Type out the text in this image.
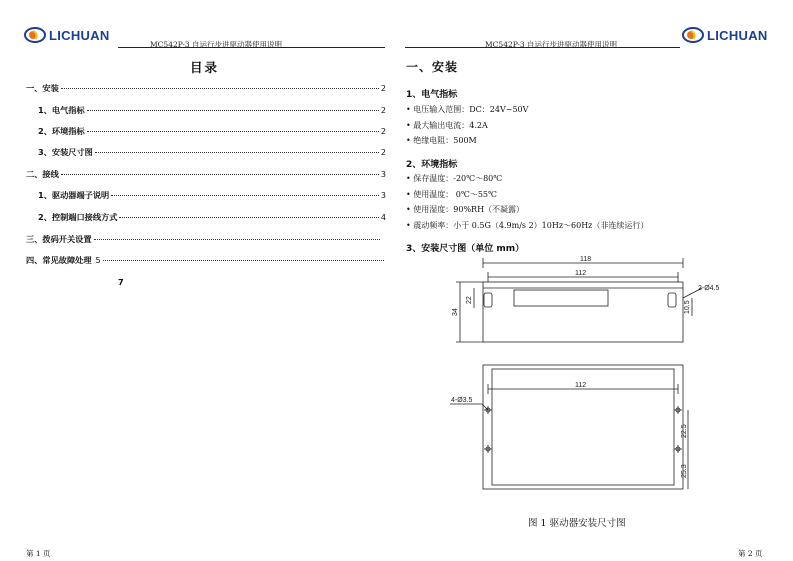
LICHUAN
MC542P-3 自运行步进驱动器使用说明
目录
一、安装	2
1、电气指标	2
2、环境指标	2
3、安装尺寸图	2
二、接线	3
1、驱动器端子说明	3
2、控制端口接线方式	4
三、拨码开关设置
四、常见故障处理 5
7
第 1 页
MC542P-3 自运行步进驱动器使用说明
LICHUAN
一、安装
1、电气指标
• 电压输入范围：DC：24V~50V
• 最大输出电流：4.2A
• 绝缘电阻：500M
2、环境指标
• 保存温度：-20℃～80℃
• 使用温度： 0℃～55℃
• 使用湿度：90%RH（不凝露）
• 震动频率：小于 0.5G（4.9m/s 2）10Hz～60Hz（非连续运行）
3、安装尺寸图（单位 mm）
118
112
2-Ø4.5
34
22
10.5
112
4-Ø3.5
22.5
25.3
图 1 驱动器安装尺寸图
第 2 页
